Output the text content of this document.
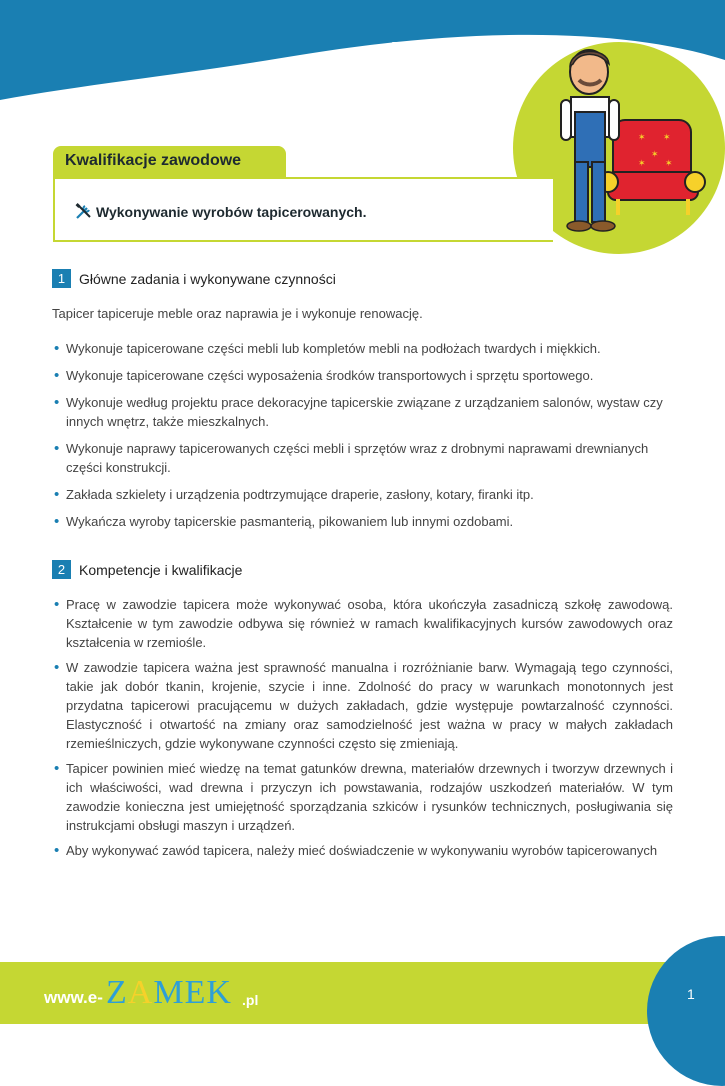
Tapicer
✶ ✶
✶
✶ ✶
Kwalifikacje zawodowe
Wykonywanie wyrobów tapicerowanych.
1 Główne zadania i wykonywane czynności
Tapicer tapiceruje meble oraz naprawia je i wykonuje renowację.
• Wykonuje tapicerowane części mebli lub kompletów mebli na podłożach twardych i miękkich.
• Wykonuje tapicerowane części wyposażenia środków transportowych i sprzętu sportowego.
• Wykonuje według projektu prace dekoracyjne tapicerskie związane z urządzaniem salonów, wystaw czy innych wnętrz, także mieszkalnych.
• Wykonuje naprawy tapicerowanych części mebli i sprzętów wraz z drobnymi naprawami drewnianych części konstrukcji.
• Zakłada szkielety i urządzenia podtrzymujące draperie, zasłony, kotary, firanki itp.
• Wykańcza wyroby tapicerskie pasmanterią, pikowaniem lub innymi ozdobami.
2 Kompetencje i kwalifikacje
• Pracę w zawodzie tapicera może wykonywać osoba, która ukończyła zasadniczą szkołę zawodową. Kształcenie w tym zawodzie odbywa się również w ramach kwalifikacyjnych kursów zawodowych oraz kształcenia w rzemiośle.
• W zawodzie tapicera ważna jest sprawność manualna i rozróżnianie barw. Wymagają tego czynności, takie jak dobór tkanin, krojenie, szycie i inne. Zdolność do pracy w warunkach monotonnych jest przydatna tapicerowi pracującemu w dużych zakładach, gdzie występuje powtarzalność czynności. Elastyczność i otwartość na zmiany oraz samodzielność jest ważna w pracy w małych zakładach rzemieślniczych, gdzie wykonywane czynności często się zmieniają.
• Tapicer powinien mieć wiedzę na temat gatunków drewna, materiałów drzewnych i tworzyw drzewnych i ich właściwości, wad drewna i przyczyn ich powstawania, rodzajów uszkodzeń materiałów. W tym zawodzie konieczna jest umiejętność sporządzania szkiców i rysunków technicznych, posługiwania się instrukcjami obsługi maszyn i urządzeń.
• Aby wykonywać zawód tapicera, należy mieć doświadczenie w wykonywaniu wyrobów tapicerowanych
1
www.e- ZAMEK .pl
